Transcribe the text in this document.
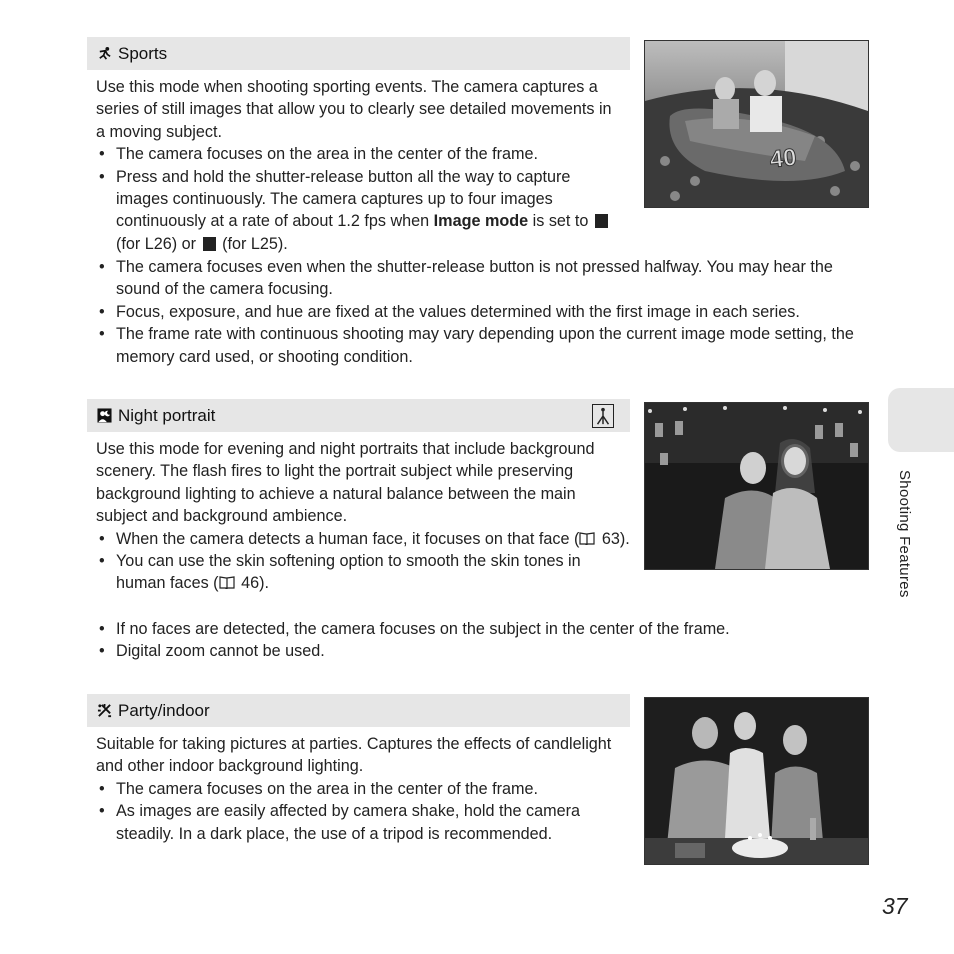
Sports

Use this mode when shooting sporting events. The camera captures a series of still images that allow you to clearly see detailed movements in a moving subject.

• The camera focuses on the area in the center of the frame.
• Press and hold the shutter-release button all the way to capture images continuously. The camera captures up to four images continuously at a rate of about 1.2 fps when Image mode is set to  (for L26) or  (for L25).
• The camera focuses even when the shutter-release button is not pressed halfway. You may hear the sound of the camera focusing.
• Focus, exposure, and hue are fixed at the values determined with the first image in each series.
• The frame rate with continuous shooting may vary depending upon the current image mode setting, the memory card used, or shooting condition.
40
Night portrait

Use this mode for evening and night portraits that include background scenery. The flash fires to light the portrait subject while preserving background lighting to achieve a natural balance between the main subject and background ambience.

• When the camera detects a human face, it focuses on that face ( 63).
• You can use the skin softening option to smooth the skin tones in human faces ( 46).
• If no faces are detected, the camera focuses on the subject in the center of the frame.
• Digital zoom cannot be used.
Party/indoor

Suitable for taking pictures at parties. Captures the effects of candlelight and other indoor background lighting.

• The camera focuses on the area in the center of the frame.
• As images are easily affected by camera shake, hold the camera steadily. In a dark place, the use of a tripod is recommended.
Shooting Features
37
